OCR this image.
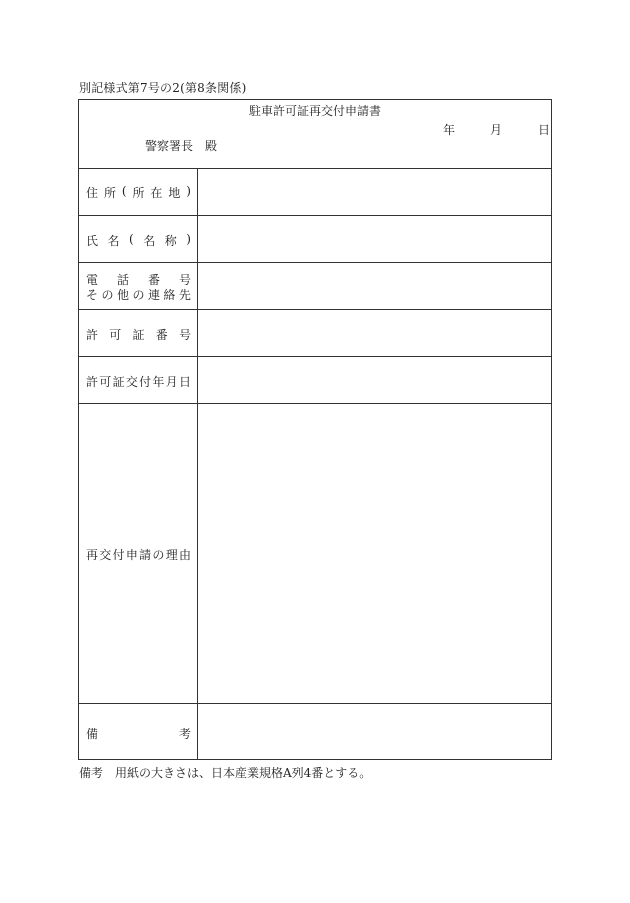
別記様式第7号の2(第8条関係)
駐車許可証再交付申請書
年	月	日
警察署長　殿
住 所 ( 所 在 地 )
氏 名 ( 名 称 )
電 話 番 号
そ の 他 の 連 絡 先
許 可 証 番 号
許 可 証 交 付 年 月 日
再 交 付 申 請 の 理 由
備	考
備考　用紙の大きさは、日本産業規格A列4番とする。
